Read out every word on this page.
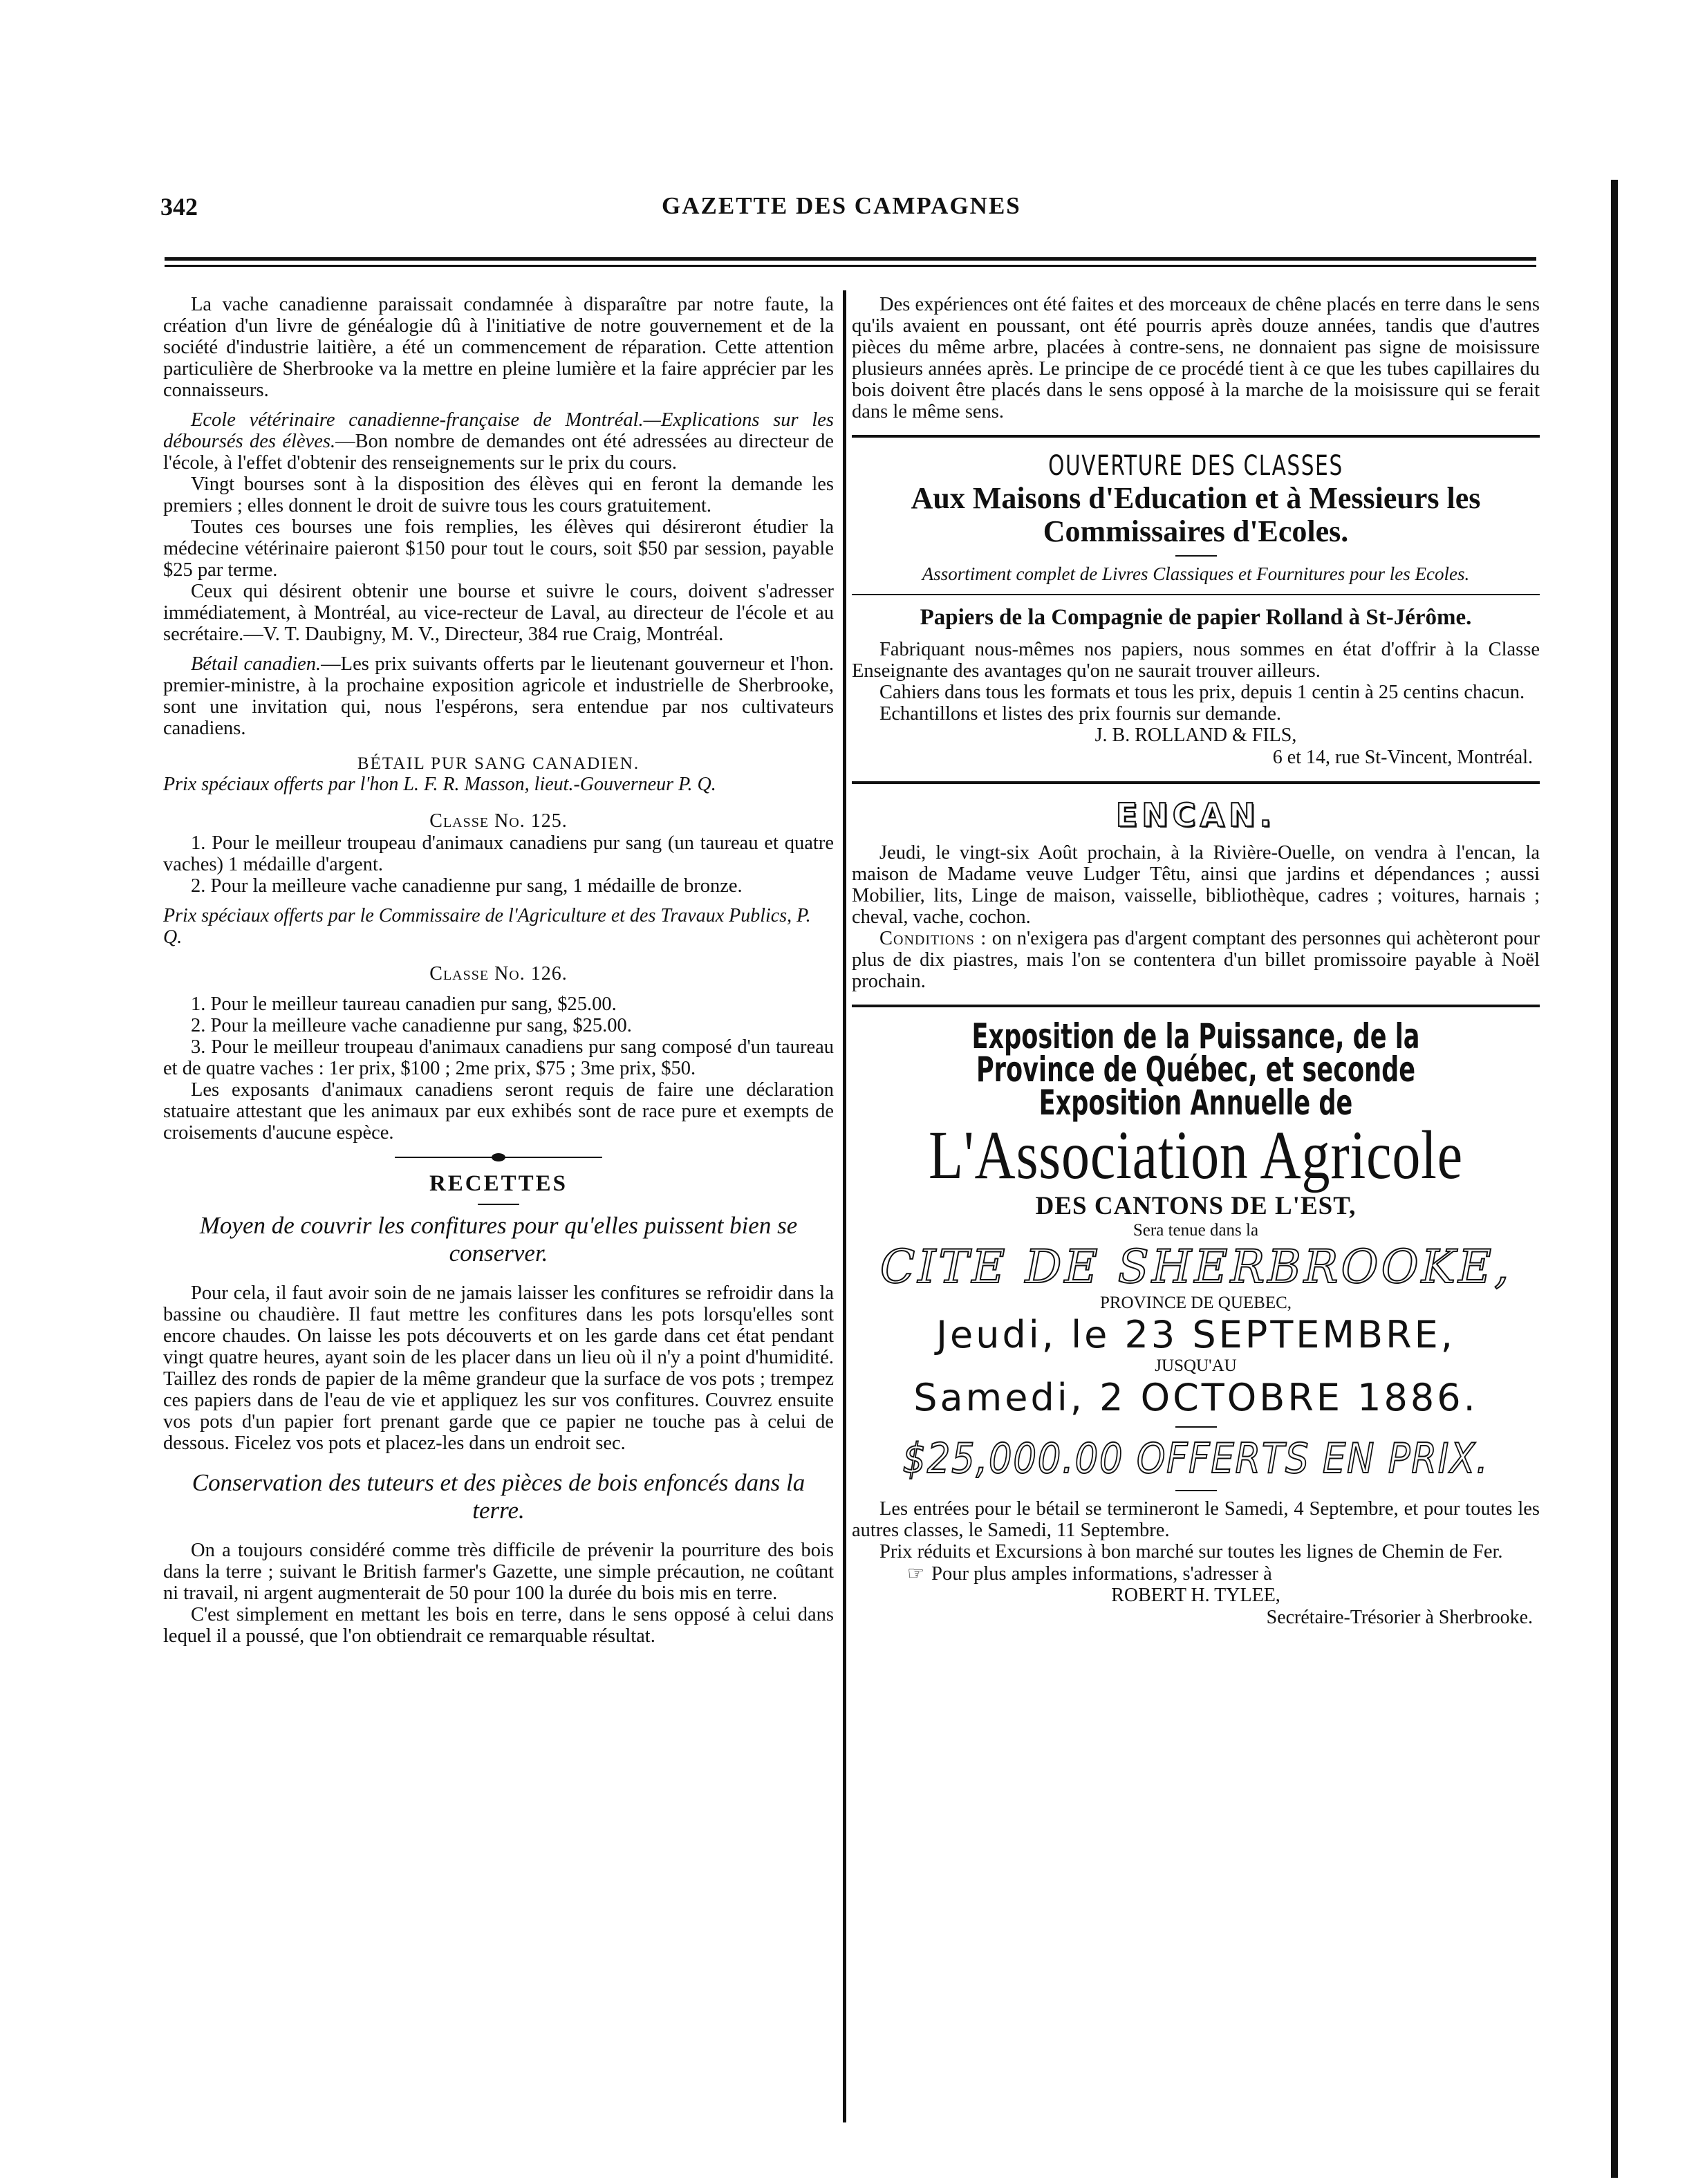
342	GAZETTE DES CAMPAGNES

La vache canadienne paraissait condamnée à disparaître par notre faute, la création d'un livre de généalogie dû à l'initiative de notre gouvernement et de la société d'industrie laitière, a été un commencement de réparation. Cette attention particulière de Sherbrooke va la mettre en pleine lumière et la faire apprécier par les connaisseurs.

Ecole vétérinaire canadienne-française de Montréal.—Explications sur les déboursés des élèves.—Bon nombre de demandes ont été adressées au directeur de l'école, à l'effet d'obtenir des renseignements sur le prix du cours.

Vingt bourses sont à la disposition des élèves qui en feront la demande les premiers ; elles donnent le droit de suivre tous les cours gratuitement.

Toutes ces bourses une fois remplies, les élèves qui désireront étudier la médecine vétérinaire paieront $150 pour tout le cours, soit $50 par session, payable $25 par terme.

Ceux qui désirent obtenir une bourse et suivre le cours, doivent s'adresser immédiatement, à Montréal, au vice-recteur de Laval, au directeur de l'école et au secrétaire.—V. T. Daubigny, M. V., Directeur, 384 rue Craig, Montréal.

Bétail canadien.—Les prix suivants offerts par le lieutenant gouverneur et l'hon. premier-ministre, à la prochaine exposition agricole et industrielle de Sherbrooke, sont une invitation qui, nous l'espérons, sera entendue par nos cultivateurs canadiens.

BÉTAIL PUR SANG CANADIEN.
Prix spéciaux offerts par l'hon L. F. R. Masson, lieut.-Gouverneur P. Q.
Classe No. 125.

1. Pour le meilleur troupeau d'animaux canadiens pur sang (un taureau et quatre vaches) 1 médaille d'argent.

2. Pour la meilleure vache canadienne pur sang, 1 médaille de bronze.

Prix spéciaux offerts par le Commissaire de l'Agriculture et des Travaux Publics, P. Q.
Classe No. 126.

1. Pour le meilleur taureau canadien pur sang, $25.00.

2. Pour la meilleure vache canadienne pur sang, $25.00.

3. Pour le meilleur troupeau d'animaux canadiens pur sang composé d'un taureau et de quatre vaches : 1er prix, $100 ; 2me prix, $75 ; 3me prix, $50.

Les exposants d'animaux canadiens seront requis de faire une déclaration statuaire attestant que les animaux par eux exhibés sont de race pure et exempts de croisements d'aucune espèce.

RECETTES
Moyen de couvrir les confitures pour qu'elles puissent bien se conserver.

Pour cela, il faut avoir soin de ne jamais laisser les confitures se refroidir dans la bassine ou chaudière. Il faut mettre les confitures dans les pots lorsqu'elles sont encore chaudes. On laisse les pots découverts et on les garde dans cet état pendant vingt quatre heures, ayant soin de les placer dans un lieu où il n'y a point d'humidité. Taillez des ronds de papier de la même grandeur que la surface de vos pots ; trempez ces papiers dans de l'eau de vie et appliquez les sur vos confitures. Couvrez ensuite vos pots d'un papier fort prenant garde que ce papier ne touche pas à celui de dessous. Ficelez vos pots et placez-les dans un endroit sec.

Conservation des tuteurs et des pièces de bois enfoncés dans la terre.

On a toujours considéré comme très difficile de prévenir la pourriture des bois dans la terre ; suivant le British farmer's Gazette, une simple précaution, ne coûtant ni travail, ni argent augmenterait de 50 pour 100 la durée du bois mis en terre.

C'est simplement en mettant les bois en terre, dans le sens opposé à celui dans lequel il a poussé, que l'on obtiendrait ce remarquable résultat.

Des expériences ont été faites et des morceaux de chêne placés en terre dans le sens qu'ils avaient en poussant, ont été pourris après douze années, tandis que d'autres pièces du même arbre, placées à contre-sens, ne donnaient pas signe de moisissure plusieurs années après. Le principe de ce procédé tient à ce que les tubes capillaires du bois doivent être placés dans le sens opposé à la marche de la moisissure qui se ferait dans le même sens.

OUVERTURE DES CLASSES
Aux Maisons d'Education et à Messieurs les Commissaires d'Ecoles.
Assortiment complet de Livres Classiques et Fournitures pour les Ecoles.
Papiers de la Compagnie de papier Rolland à St-Jérôme.

Fabriquant nous-mêmes nos papiers, nous sommes en état d'offrir à la Classe Enseignante des avantages qu'on ne saurait trouver ailleurs.

Cahiers dans tous les formats et tous les prix, depuis 1 centin à 25 centins chacun.

Echantillons et listes des prix fournis sur demande.

J. B. ROLLAND & FILS,
6 et 14, rue St-Vincent, Montréal.
ENCAN.

Jeudi, le vingt-six Août prochain, à la Rivière-Ouelle, on vendra à l'encan, la maison de Madame veuve Ludger Têtu, ainsi que jardins et dépendances ; aussi Mobilier, lits, Linge de maison, vaisselle, bibliothèque, cadres ; voitures, harnais ; cheval, vache, cochon.

Conditions : on n'exigera pas d'argent comptant des personnes qui achèteront pour plus de dix piastres, mais l'on se contentera d'un billet promissoire payable à Noël prochain.

Exposition de la Puissance, de la Province de Québec, et seconde Exposition Annuelle de
L'Association Agricole
DES CANTONS DE L'EST,
Sera tenue dans la
CITE DE SHERBROOKE,
PROVINCE DE QUEBEC,
Jeudi, le 23 SEPTEMBRE,
JUSQU'AU
Samedi, 2 OCTOBRE 1886.
$25,000.00 OFFERTS EN PRIX.

Les entrées pour le bétail se termineront le Samedi, 4 Septembre, et pour toutes les autres classes, le Samedi, 11 Septembre.

Prix réduits et Excursions à bon marché sur toutes les lignes de Chemin de Fer.

☞ Pour plus amples informations, s'adresser à

ROBERT H. TYLEE,
Secrétaire-Trésorier à Sherbrooke.
